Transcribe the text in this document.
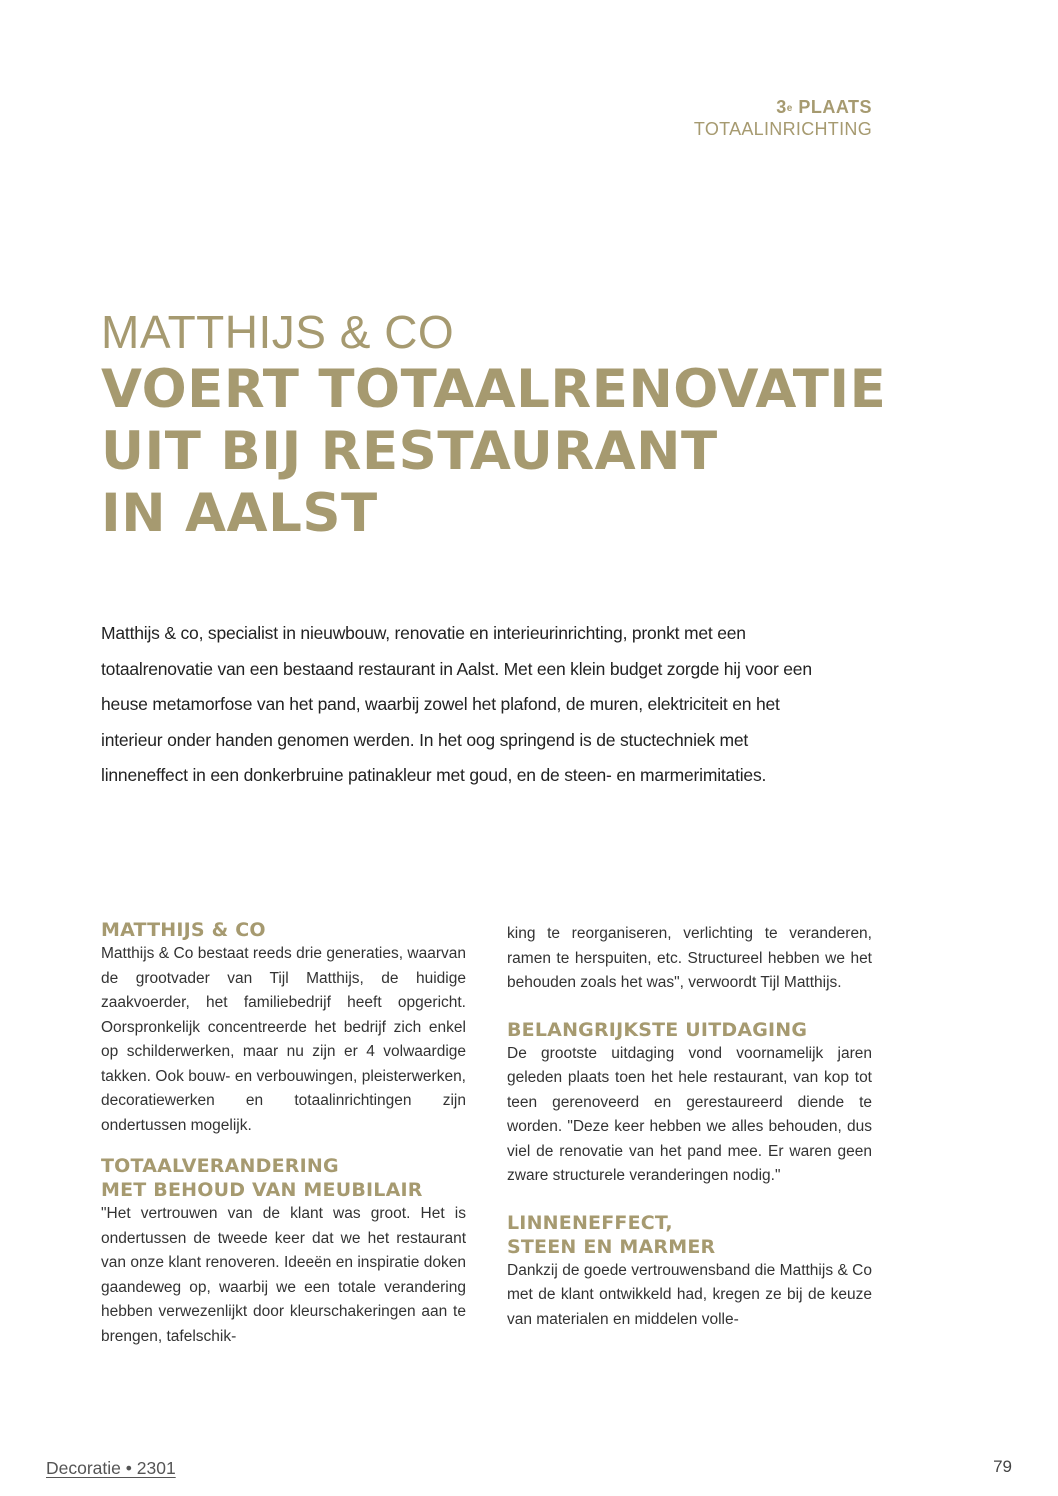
3e PLAATS
TOTAALINRICHTING
MATTHIJS & CO
VOERT TOTAALRENOVATIE
UIT BIJ RESTAURANT
IN AALST
Matthijs & co, specialist in nieuwbouw, renovatie en interieurinrichting, pronkt met een
totaalrenovatie van een bestaand restaurant in Aalst. Met een klein budget zorgde hij voor een
heuse metamorfose van het pand, waarbij zowel het plafond, de muren, elektriciteit en het
interieur onder handen genomen werden. In het oog springend is de stuctechniek met
linneneffect in een donkerbruine patinakleur met goud, en de steen- en marmerimitaties.
MATTHIJS & CO

Matthijs & Co bestaat reeds drie generaties, waarvan de grootvader van Tijl Matthijs, de huidige zaakvoerder, het familiebedrijf heeft opgericht. Oorspronkelijk concentreerde het bedrijf zich enkel op schilderwerken, maar nu zijn er 4 volwaardige takken. Ook bouw- en verbouwingen, pleisterwerken, decoratiewerken en totaalinrichtingen zijn ondertussen mogelijk.

TOTAALVERANDERING
MET BEHOUD VAN MEUBILAIR

"Het vertrouwen van de klant was groot. Het is ondertussen de tweede keer dat we het restaurant van onze klant renoveren. Ideeën en inspiratie doken gaandeweg op, waarbij we een totale verandering hebben verwezenlijkt door kleurschakeringen aan te brengen, tafelschik-

king te reorganiseren, verlichting te veranderen, ramen te herspuiten, etc. Structureel hebben we het behouden zoals het was", verwoordt Tijl Matthijs.

BELANGRIJKSTE UITDAGING

De grootste uitdaging vond voornamelijk jaren geleden plaats toen het hele restaurant, van kop tot teen gerenoveerd en gerestaureerd diende te worden. "Deze keer hebben we alles behouden, dus viel de renovatie van het pand mee. Er waren geen zware structurele veranderingen nodig."

LINNENEFFECT,
STEEN EN MARMER

Dankzij de goede vertrouwensband die Matthijs & Co met de klant ontwikkeld had, kregen ze bij de keuze van materialen en middelen volle-

Decoratie • 2301	79
